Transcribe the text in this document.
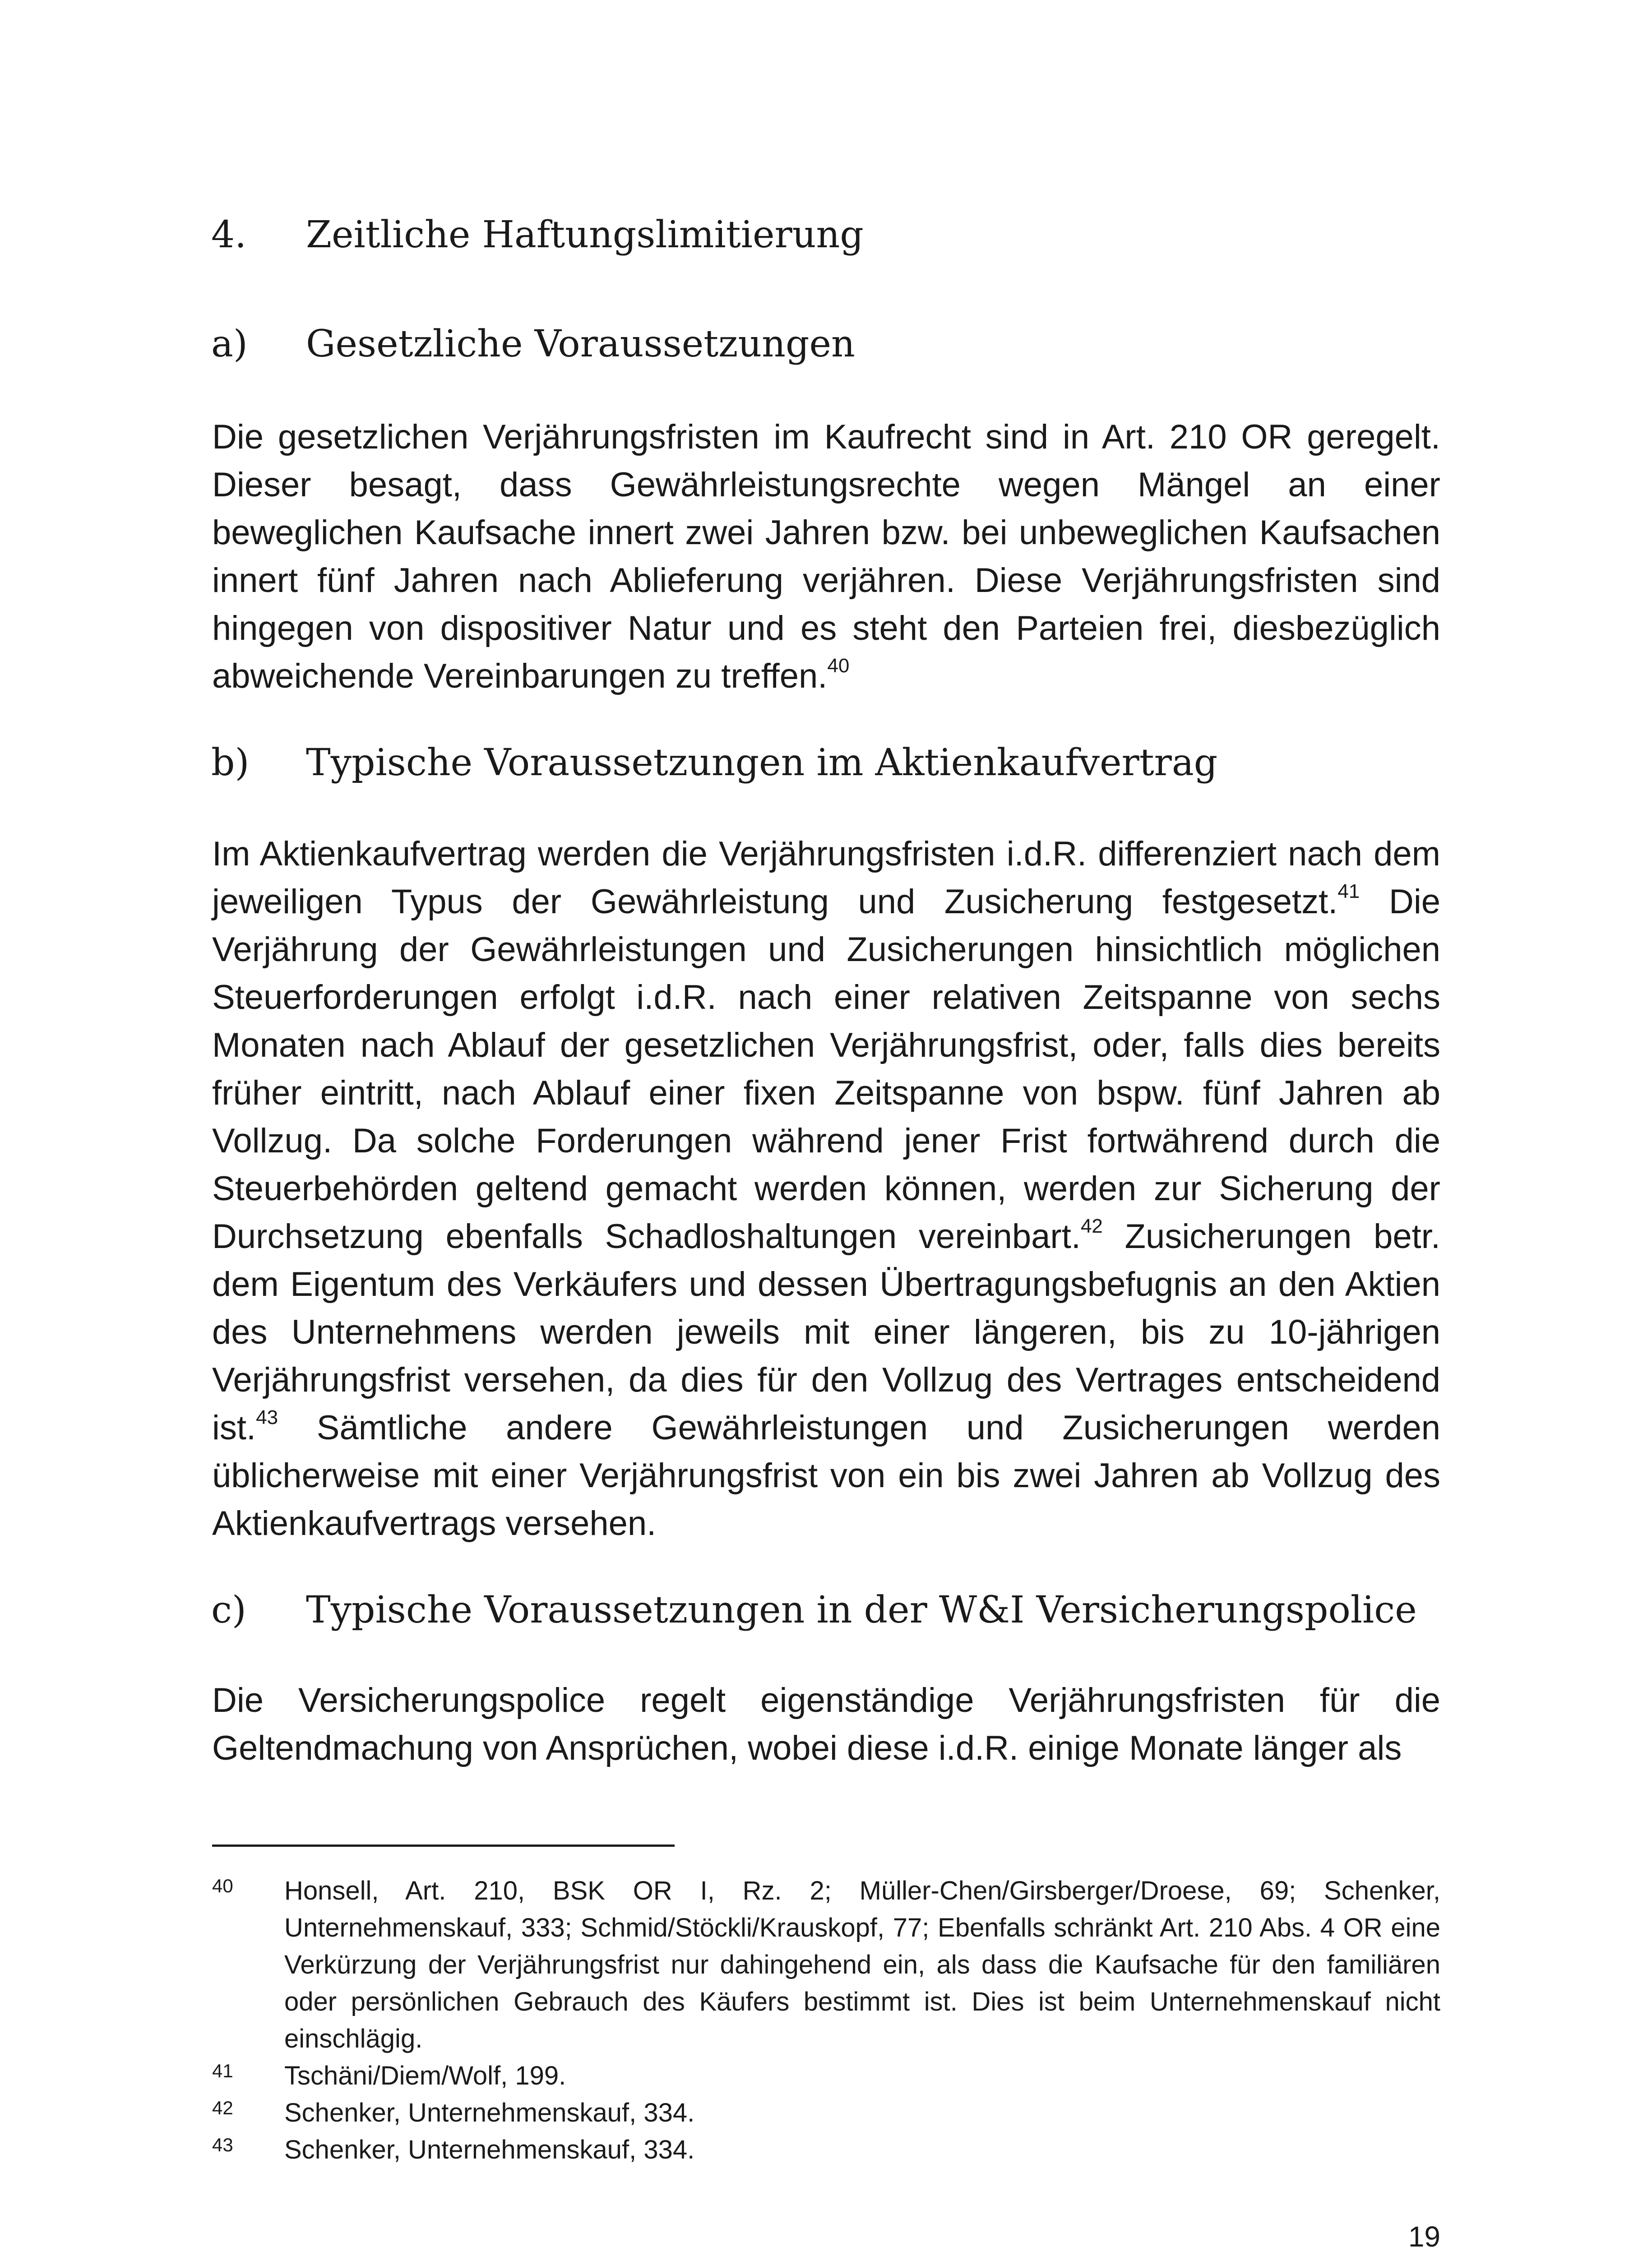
4. Zeitliche Haftungslimitierung
a) Gesetzliche Voraussetzungen
Die gesetzlichen Verjährungsfristen im Kaufrecht sind in Art. 210 OR geregelt. Dieser besagt, dass Gewährleistungsrechte wegen Mängel an einer beweglichen Kaufsache innert zwei Jahren bzw. bei unbeweglichen Kaufsachen innert fünf Jahren nach Ablieferung verjähren. Diese Verjährungsfristen sind hingegen von dispositiver Natur und es steht den Parteien frei, diesbezüglich abweichende Vereinbarungen zu treffen.$^{40}$
b) Typische Voraussetzungen im Aktienkaufvertrag
Im Aktienkaufvertrag werden die Verjährungsfristen i.d.R. differenziert nach dem jeweiligen Typus der Gewährleistung und Zusicherung festgesetzt.$^{41}$ Die Verjährung der Gewährleistungen und Zusicherungen hinsichtlich möglichen Steuerforderungen erfolgt i.d.R. nach einer relativen Zeitspanne von sechs Monaten nach Ablauf der gesetzlichen Verjährungsfrist, oder, falls dies bereits früher eintritt, nach Ablauf einer fixen Zeitspanne von bspw. fünf Jahren ab Vollzug. Da solche Forderungen während jener Frist fortwährend durch die Steuerbehörden geltend gemacht werden können, werden zur Sicherung der Durchsetzung ebenfalls Schadloshaltungen vereinbart.$^{42}$ Zusicherungen betr. dem Eigentum des Verkäufers und dessen Übertragungsbefugnis an den Aktien des Unternehmens werden jeweils mit einer längeren, bis zu 10-jährigen Verjährungsfrist versehen, da dies für den Vollzug des Vertrages entscheidend ist.$^{43}$ Sämtliche andere Gewährleistungen und Zusicherungen werden üblicherweise mit einer Verjährungsfrist von ein bis zwei Jahren ab Vollzug des Aktienkaufvertrags versehen.
c) Typische Voraussetzungen in der W&I Versicherungspolice
Die Versicherungspolice regelt eigenständige Verjährungsfristen für die Geltendmachung von Ansprüchen, wobei diese i.d.R. einige Monate länger als
40	Honsell, Art. 210, BSK OR I, Rz. 2; Müller-Chen/Girsberger/Droese, 69; Schenker, Unternehmenskauf, 333; Schmid/Stöckli/Krauskopf, 77; Ebenfalls schränkt Art. 210 Abs. 4 OR eine Verkürzung der Verjährungsfrist nur dahingehend ein, als dass die Kaufsache für den familiären oder persönlichen Gebrauch des Käufers bestimmt ist. Dies ist beim Unternehmenskauf nicht einschlägig.
41	Tschäni/Diem/Wolf, 199.
42	Schenker, Unternehmenskauf, 334.
43	Schenker, Unternehmenskauf, 334.
19
